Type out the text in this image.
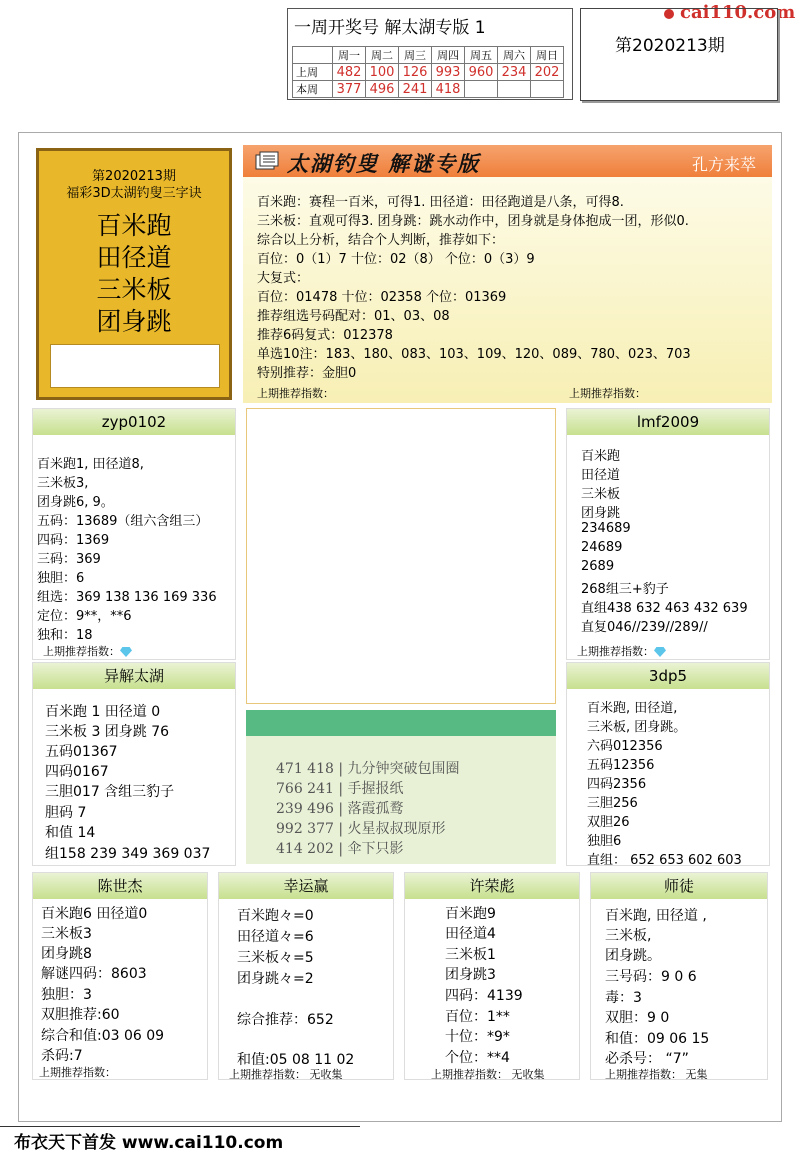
一周开奖号 解太湖专版 1
	周一	周二	周三	周四	周五	周六	周日
上周	482	100	126	993	960	234	202
本周	377	496	241	418			
cai110.com
第2020213期
第2020213期
福彩3D太湖钓叟三字诀
百米跑
田径道
三米板
团身跳
太湖钓叟 解谜专版	孔方来萃
百米跑：赛程一百米，可得1. 田径道：田径跑道是八条，可得8.
三米板：直观可得3. 团身跳：跳水动作中，团身就是身体抱成一团，形似0.
综合以上分析，结合个人判断，推荐如下：
百位：0（1）7 十位：02（8） 个位：0（3）9
大复式：
百位：01478 十位：02358 个位：01369
推荐组选号码配对：01、03、08
推荐6码复式：012378
单选10注：183、180、083、103、109、120、089、780、023、703
特别推荐：金胆0
上期推荐指数：	上期推荐指数：
zyp0102
百米跑1, 田径道8,
三米板3,
团身跳6, 9。
五码：13689（组六含组三）
四码：1369
三码：369
独胆：6
组选：369 138 136 169 336
定位：9**，**6
独和：18
上期推荐指数：
异解太湖
百米跑 1 田径道 0
三米板 3 团身跳 76
五码01367
四码0167
三胆017 含组三豹子
胆码 7
和值 14
组158 239 349 369 037
471 418 | 九分钟突破包围圈
766 241 | 手握报纸
239 496 | 落霞孤鹜
992 377 | 火星叔叔现原形
414 202 | 伞下只影
lmf2009
百米跑
田径道
三米板
团身跳
234689
24689
2689
268组三+豹子
直组438 632 463 432 639
直复046//239//289//
上期推荐指数：
3dp5
百米跑, 田径道,
三米板, 团身跳。
六码012356
五码12356
四码2356
三胆256
双胆26
独胆6
直组： 652 653 602 603
陈世杰
百米跑6 田径道0
三米板3
团身跳8
解谜四码：8603
独胆：3
双胆推荐:60
综合和值:03 06 09
杀码:7
上期推荐指数：
幸运赢
百米跑々=0
田径道々=6
三米板々=5
团身跳々=2
综合推荐：652
和值:05 08 11 02
上期推荐指数： 无收集
许荣彪
百米跑9
田径道4
三米板1
团身跳3
四码：4139
百位：1**
十位：*9*
个位：**4
上期推荐指数： 无收集
师徒
百米跑, 田径道 ,
三米板,
团身跳。
三号码：9 0 6
毒：3
双胆：9 0
和值：09 06 15
必杀号： “7”
上期推荐指数： 无集
布衣天下首发 www.cai110.com
